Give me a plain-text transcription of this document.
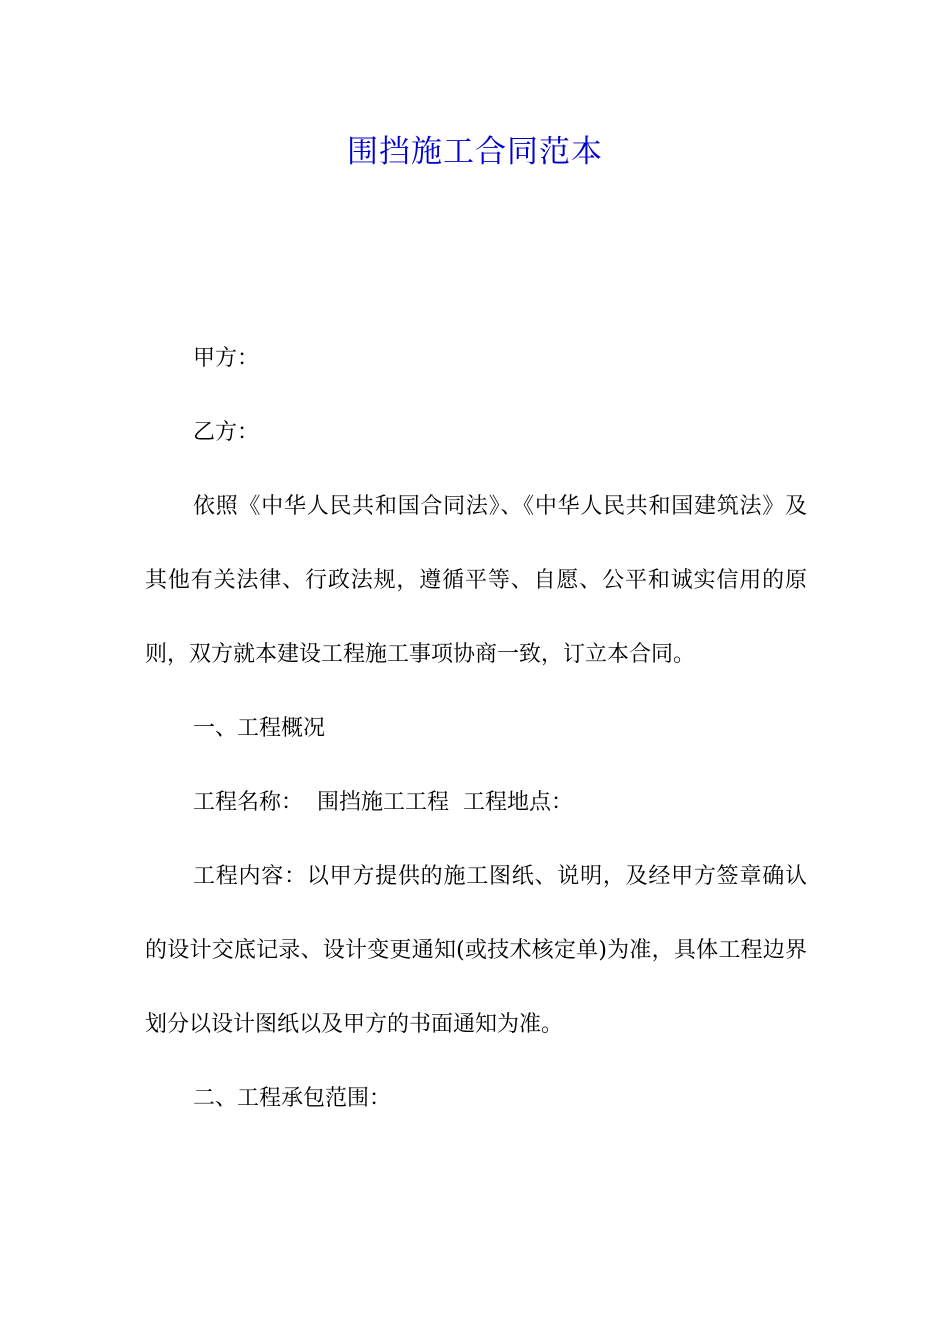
围挡施工合同范本

甲方：

乙方：

依照《中华人民共和国合同法》、《中华人民共和国建筑法》及其他有关法律、行政法规，遵循平等、自愿、公平和诚实信用的原则，双方就本建设工程施工事项协商一致，订立本合同。

一、工程概况

工程名称：  围挡施工工程  工程地点：

工程内容：以甲方提供的施工图纸、说明，及经甲方签章确认的设计交底记录、设计变更通知(或技术核定单)为准，具体工程边界划分以设计图纸以及甲方的书面通知为准。

二、工程承包范围：
